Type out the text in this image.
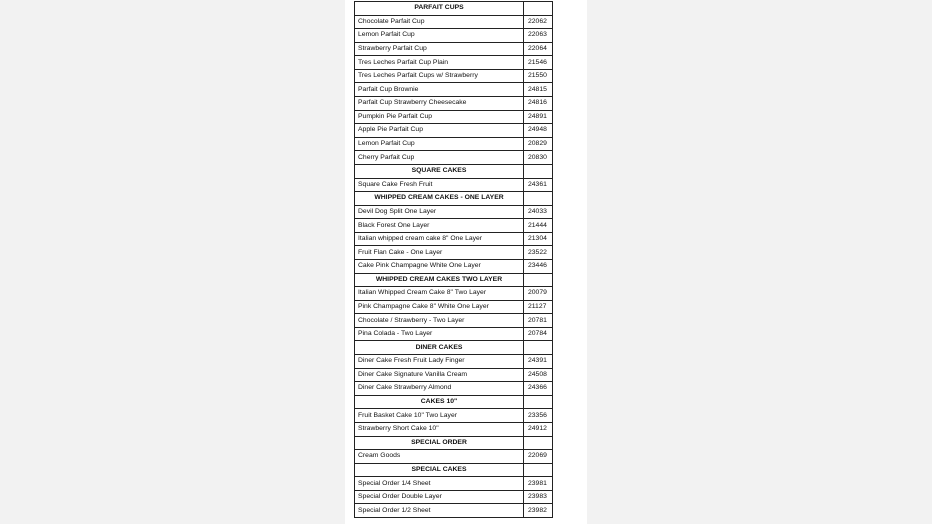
PARFAIT CUPS	
Chocolate Parfait Cup	22062
Lemon Parfait Cup	22063
Strawberry Parfait Cup	22064
Tres Leches Parfait Cup Plain	21546
Tres Leches Parfait Cups w/ Strawberry	21550
Parfait Cup Brownie	24815
Parfait Cup Strawberry Cheesecake	24816
Pumpkin Pie Parfait Cup	24891
Apple Pie Parfait Cup	24948
Lemon Parfait Cup	20829
Cherry Parfait Cup	20830
SQUARE CAKES	
Square Cake Fresh Fruit	24361
WHIPPED CREAM CAKES - ONE LAYER	
Devil Dog Split One Layer	24033
Black Forest One Layer	21444
Italian whipped cream cake 8" One Layer	21304
Fruit Flan Cake - One Layer	23522
Cake Pink Champagne White One Layer	23446
WHIPPED CREAM CAKES TWO LAYER	
Italian Whipped Cream Cake 8" Two Layer	20079
Pink Champagne Cake 8" White One Layer	21127
Chocolate / Strawberry - Two Layer	20781
Pina Colada - Two Layer	20784
DINER CAKES	
Diner Cake Fresh Fruit Lady Finger	24391
Diner Cake Signature Vanilla Cream	24508
Diner Cake Strawberry Almond	24366
CAKES 10"	
Fruit Basket Cake 10" Two Layer	23356
Strawberry Short Cake 10"	24912
SPECIAL ORDER	
Cream Goods	22069
SPECIAL CAKES	
Special Order 1/4 Sheet	23981
Special Order Double Layer	23983
Special Order 1/2 Sheet	23982
